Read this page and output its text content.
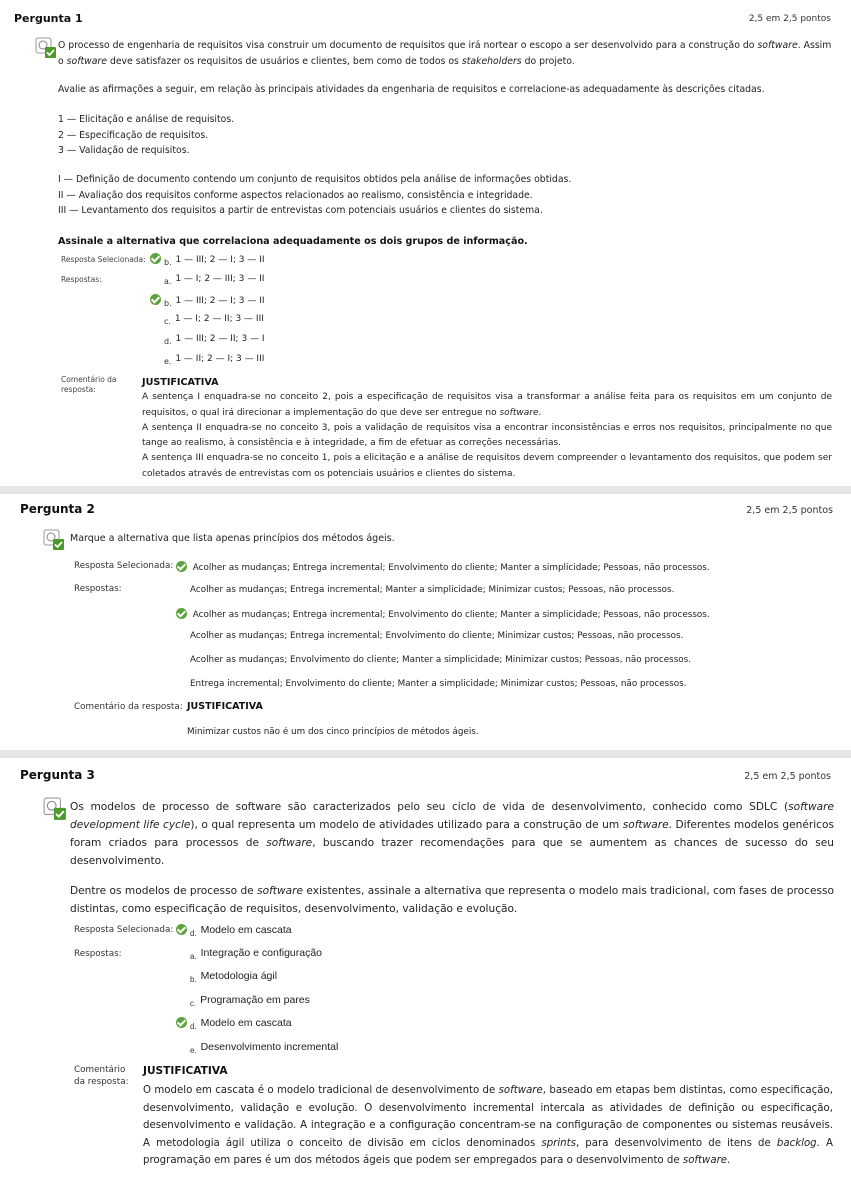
Pergunta 1	2,5 em 2,5 pontos
O processo de engenharia de requisitos visa construir um documento de requisitos que irá nortear o escopo a ser desenvolvido para a construção do software. Assim
o software deve satisfazer os requisitos de usuários e clientes, bem como de todos os stakeholders do projeto.
Avalie as afirmações a seguir, em relação às principais atividades da engenharia de requisitos e correlacione-as adequadamente às descrições citadas.
1 — Elicitação e análise de requisitos.
2 — Especificação de requisitos.
3 — Validação de requisitos.
I — Definição de documento contendo um conjunto de requisitos obtidos pela análise de informações obtidas.
II — Avaliação dos requisitos conforme aspectos relacionados ao realismo, consistência e integridade.
III — Levantamento dos requisitos a partir de entrevistas com potenciais usuários e clientes do sistema.
Assinale a alternativa que correlaciona adequadamente os dois grupos de informação.
Resposta Selecionada:	b. 1 — III; 2 — I; 3 — II
Respostas:	a. 1 — I; 2 — III; 3 — II
b. 1 — III; 2 — I; 3 — II
c. 1 — I; 2 — II; 3 — III
d. 1 — III; 2 — II; 3 — I
e. 1 — II; 2 — I; 3 — III
Comentário da
resposta:
JUSTIFICATIVA
A sentença I enquadra-se no conceito 2, pois a especificação de requisitos visa a transformar a análise feita para os requisitos em um conjunto de requisitos, o qual irá direcionar a implementação do que deve ser entregue no software.
A sentença II enquadra-se no conceito 3, pois a validação de requisitos visa a encontrar inconsistências e erros nos requisitos, principalmente no que tange ao realismo, à consistência e à integridade, a fim de efetuar as correções necessárias.
A sentença III enquadra-se no conceito 1, pois a elicitação e a análise de requisitos devem compreender o levantamento dos requisitos, que podem ser coletados através de entrevistas com os potenciais usuários e clientes do sistema.
Pergunta 2	2,5 em 2,5 pontos
Marque a alternativa que lista apenas princípios dos métodos ágeis.
Resposta Selecionada:	Acolher as mudanças; Entrega incremental; Envolvimento do cliente; Manter a simplicidade; Pessoas, não processos.
Respostas:	Acolher as mudanças; Entrega incremental; Manter a simplicidade; Minimizar custos; Pessoas, não processos.
Acolher as mudanças; Entrega incremental; Envolvimento do cliente; Manter a simplicidade; Pessoas, não processos.
Acolher as mudanças; Entrega incremental; Envolvimento do cliente; Minimizar custos; Pessoas, não processos.
Acolher as mudanças; Envolvimento do cliente; Manter a simplicidade; Minimizar custos; Pessoas, não processos.
Entrega incremental; Envolvimento do cliente; Manter a simplicidade; Minimizar custos; Pessoas, não processos.
Comentário da resposta: JUSTIFICATIVA
Minimizar custos não é um dos cinco princípios de métodos ágeis.
Pergunta 3	2,5 em 2,5 pontos
Os modelos de processo de software são caracterizados pelo seu ciclo de vida de desenvolvimento, conhecido como SDLC (software development life cycle), o qual representa um modelo de atividades utilizado para a construção de um software. Diferentes modelos genéricos foram criados para processos de software, buscando trazer recomendações para que se aumentem as chances de sucesso do seu desenvolvimento.
Dentre os modelos de processo de software existentes, assinale a alternativa que representa o modelo mais tradicional, com fases de processo distintas, como especificação de requisitos, desenvolvimento, validação e evolução.
Resposta Selecionada:	$_{d.}$ Modelo em cascata
Respostas:	$_{a.}$ Integração e configuração
$_{b.}$ Metodologia ágil
$_{c.}$ Programação em pares
$_{d.}$ Modelo em cascata
$_{e.}$ Desenvolvimento incremental
Comentário
da resposta:
JUSTIFICATIVA
O modelo em cascata é o modelo tradicional de desenvolvimento de software, baseado em etapas bem distintas, como especificação, desenvolvimento, validação e evolução. O desenvolvimento incremental intercala as atividades de definição ou especificação, desenvolvimento e validação. A integração e a configuração concentram-se na configuração de componentes ou sistemas reusáveis. A metodologia ágil utiliza o conceito de divisão em ciclos denominados sprints, para desenvolvimento de itens de backlog. A programação em pares é um dos métodos ágeis que podem ser empregados para o desenvolvimento de software.
